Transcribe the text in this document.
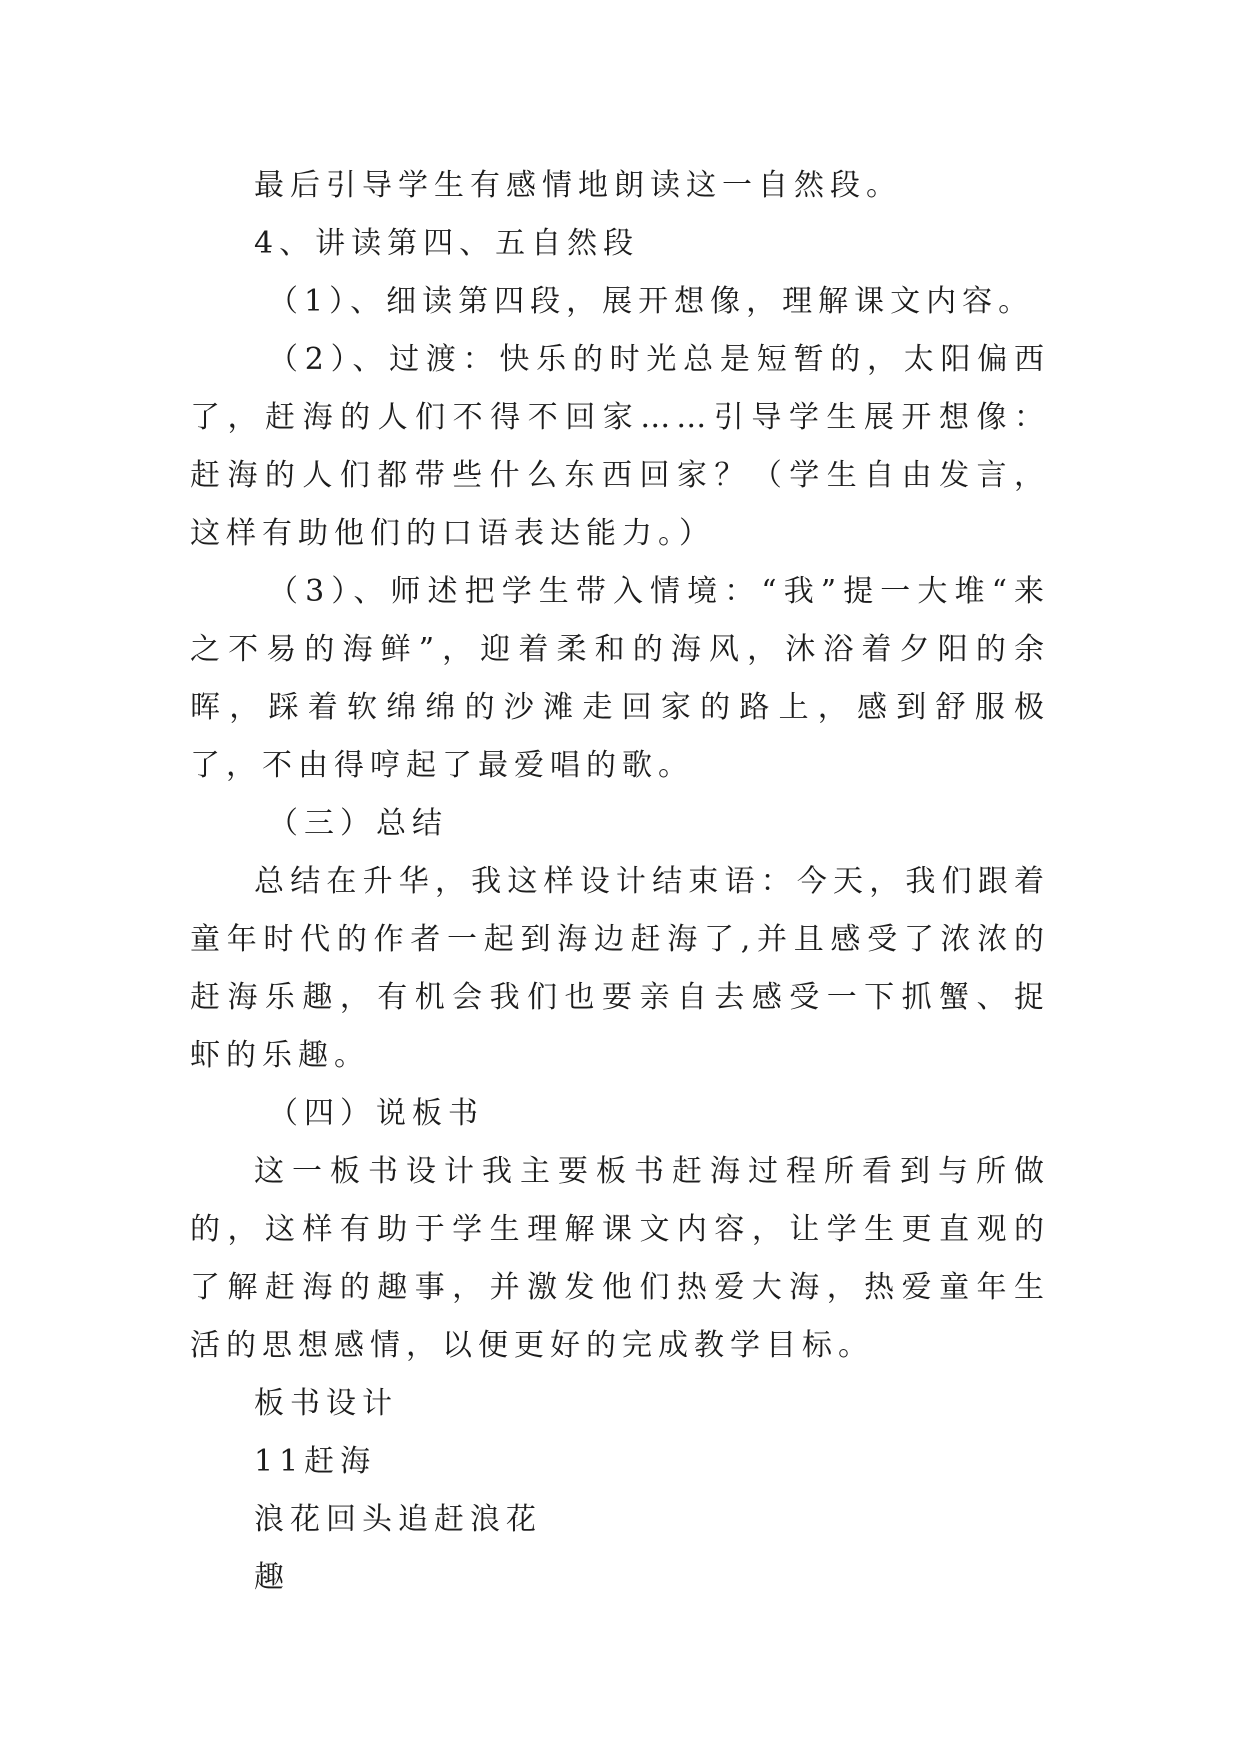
最后引导学生有感情地朗读这一自然段。

4、讲读第四、五自然段

（1）、细读第四段，展开想像，理解课文内容。

（2）、过渡：快乐的时光总是短暂的，太阳偏西了，赶海的人们不得不回家……引导学生展开想像：赶海的人们都带些什么东西回家？（学生自由发言，这样有助他们的口语表达能力。）

（3）、师述把学生带入情境：“我”提一大堆“来之不易的海鲜”，迎着柔和的海风，沐浴着夕阳的余晖，踩着软绵绵的沙滩走回家的路上，感到舒服极了，不由得哼起了最爱唱的歌。

（三）总结

总结在升华，我这样设计结束语：今天，我们跟着童年时代的作者一起到海边赶海了,并且感受了浓浓的赶海乐趣，有机会我们也要亲自去感受一下抓蟹、捉虾的乐趣。

（四）说板书

这一板书设计我主要板书赶海过程所看到与所做的，这样有助于学生理解课文内容，让学生更直观的了解赶海的趣事，并激发他们热爱大海，热爱童年生活的思想感情，以便更好的完成教学目标。

板书设计

11赶海

浪花回头追赶浪花

趣
